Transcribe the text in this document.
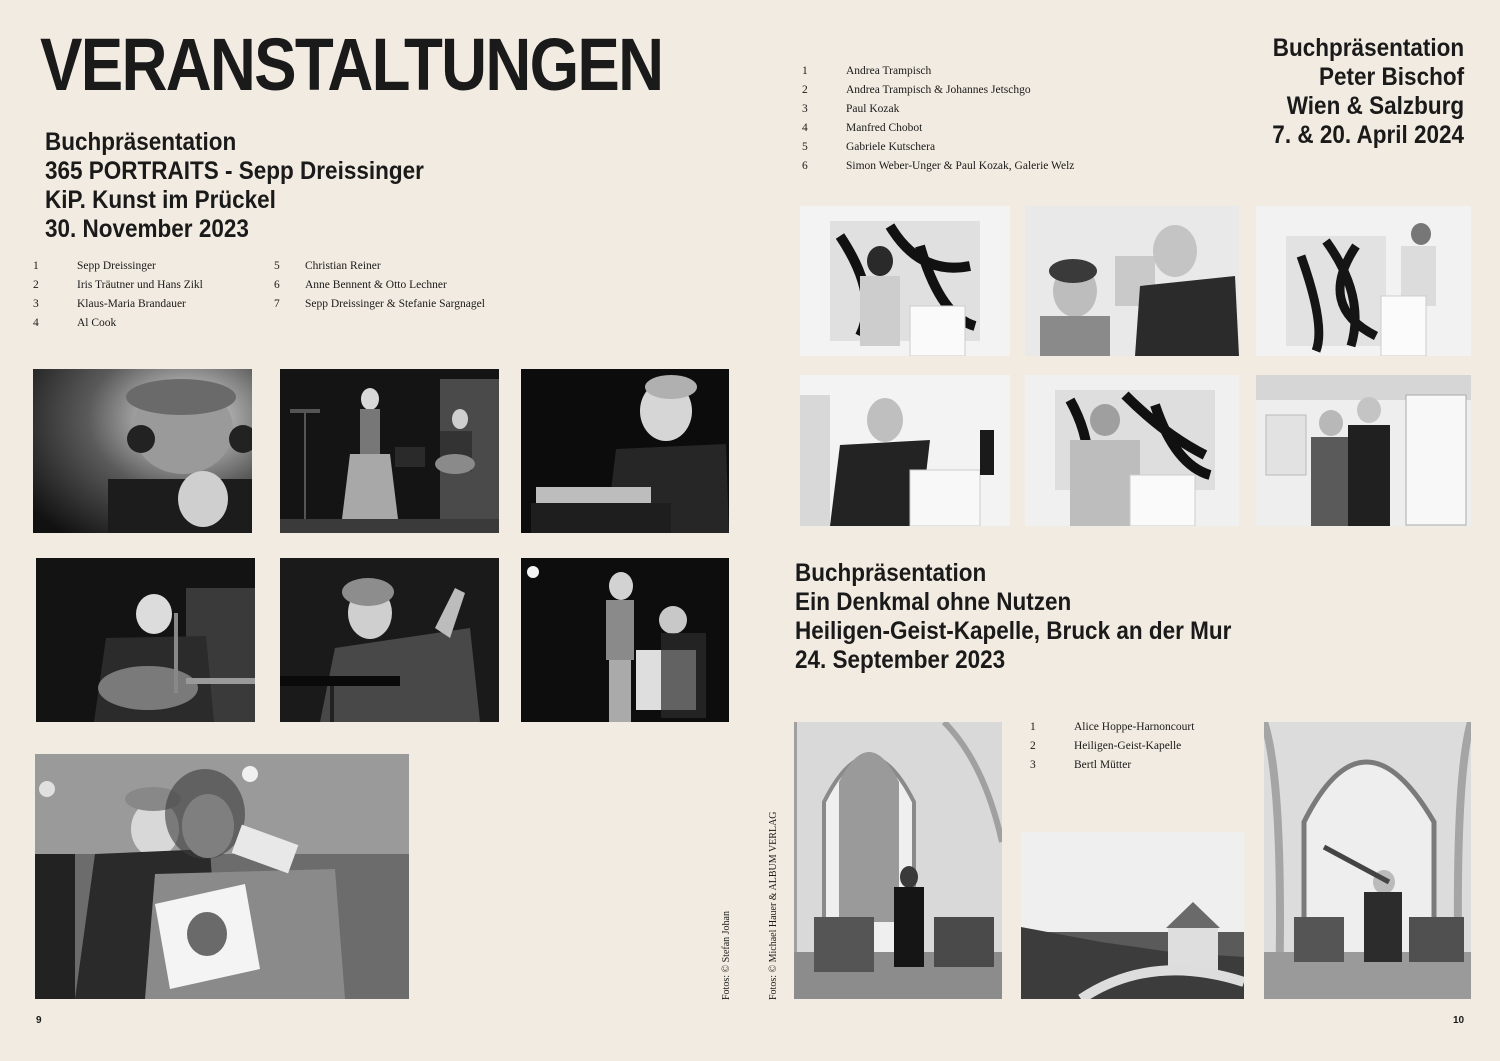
VERANSTALTUNGEN
Buchpräsentation
365 PORTRAITS - Sepp Dreissinger
KiP. Kunst im Prückel
30. November 2023
1	Sepp Dreissinger
2	Iris Träutner und Hans Zikl
3	Klaus-Maria Brandauer
4	Al Cook
5	Christian Reiner
6	Anne Bennent & Otto Lechner
7	Sepp Dreissinger & Stefanie Sargnagel
Buchpräsentation
Peter Bischof
Wien & Salzburg
7. & 20. April 2024
1	Andrea Trampisch
2	Andrea Trampisch & Johannes Jetschgo
3	Paul Kozak
4	Manfred Chobot
5	Gabriele Kutschera
6	Simon Weber-Unger & Paul Kozak, Galerie Welz
Buchpräsentation
Ein Denkmal ohne Nutzen
Heiligen-Geist-Kapelle, Bruck an der Mur
24. September 2023
1	Alice Hoppe-Harnoncourt
2	Heiligen-Geist-Kapelle
3	Bertl Mütter
Fotos: © Stefan Johan	Fotos: © Michael Hauer & ALBUM VERLAG
9	10
